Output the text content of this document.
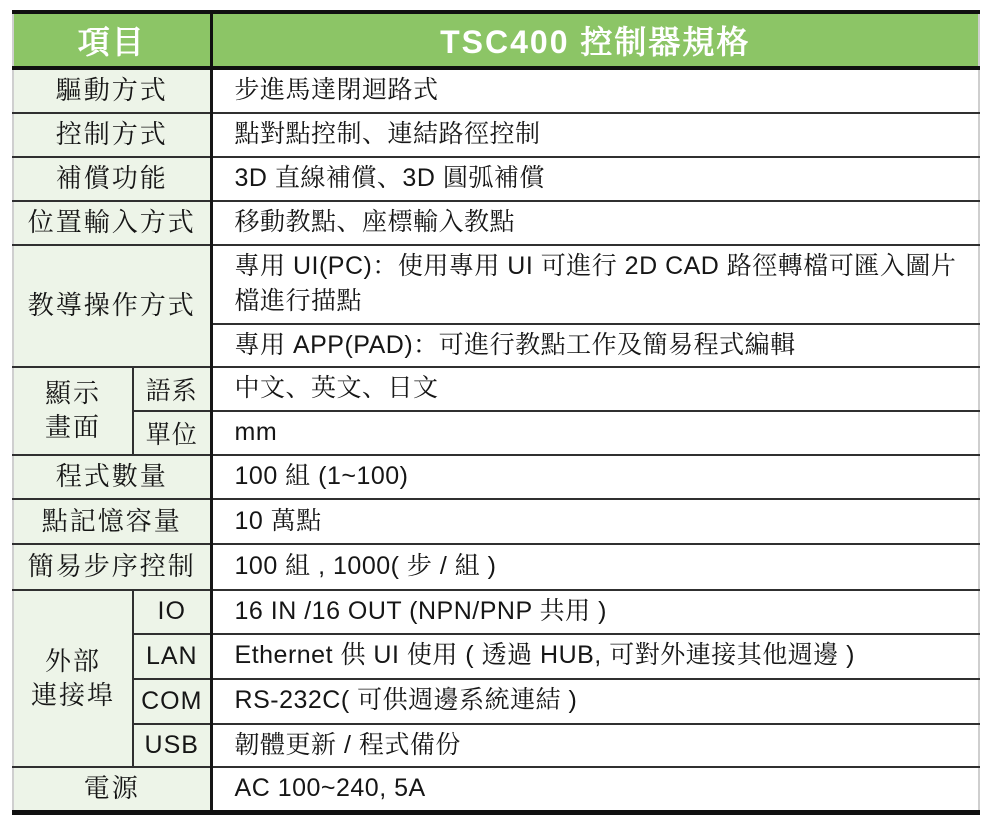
項目		TSC400 控制器規格
驅動方式		步進馬達閉迴路式
控制方式		點對點控制、連結路徑控制
補償功能		3D 直線補償、3D 圓弧補償
位置輸入方式		移動教點、座標輸入教點
教導操作方式		專用 UI(PC)：使用專用 UI 可進行 2D CAD 路徑轉檔可匯入圖片檔進行描點
		專用 APP(PAD)：可進行教點工作及簡易程式編輯

顯示
畫面	語系	中文、英文、日文
	單位	mm
程式數量		100 組 (1~100)
點記憶容量		10 萬點
簡易步序控制		100 組 , 1000( 步 / 組 )

外部
連接埠	IO	16 IN /16 OUT (NPN/PNP 共用 )
	LAN	Ethernet 供 UI 使用 ( 透過 HUB, 可對外連接其他週邊 )
	COM	RS-232C( 可供週邊系統連結 )
	USB	韌體更新 / 程式備份
電源		AC 100~240, 5A
